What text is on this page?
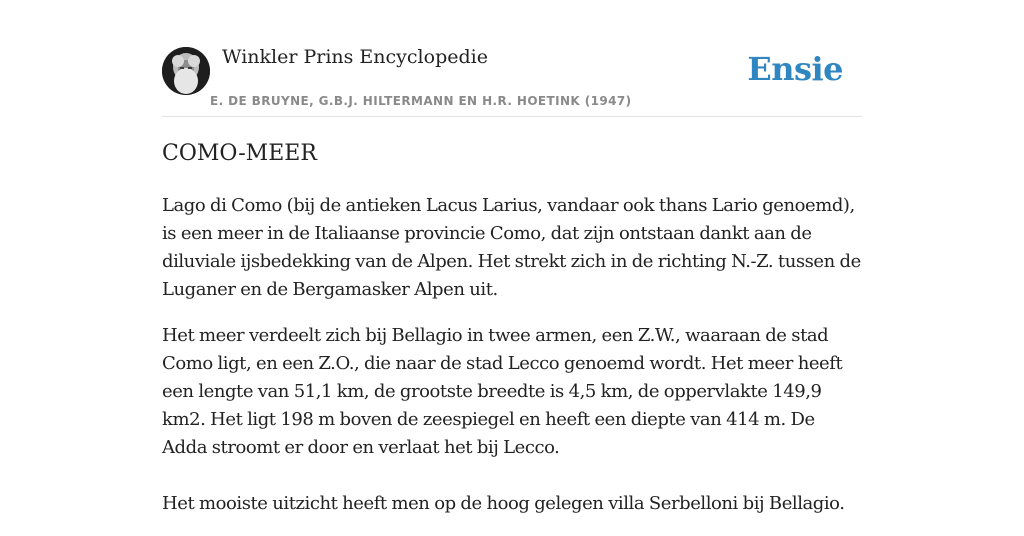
Winkler Prins Encyclopedie
E. DE BRUYNE, G.B.J. HILTERMANN EN H.R. HOETINK (1947)
Ensie
COMO-MEER

Lago di Como (bij de antieken Lacus Larius, vandaar ook thans Lario genoemd), is een meer in de Italiaanse provincie Como, dat zijn ontstaan dankt aan de diluviale ijsbedekking van de Alpen. Het strekt zich in de richting N.-Z. tussen de Luganer en de Bergamasker Alpen uit.

Het meer verdeelt zich bij Bellagio in twee armen, een Z.W., waaraan de stad Como ligt, en een Z.O., die naar de stad Lecco genoemd wordt. Het meer heeft een lengte van 51,1 km, de grootste breedte is 4,5 km, de oppervlakte 149,9 km2. Het ligt 198 m boven de zeespiegel en heeft een diepte van 414 m. De Adda stroomt er door en verlaat het bij Lecco.

Het mooiste uitzicht heeft men op de hoog gelegen villa Serbelloni bij Bellagio.
